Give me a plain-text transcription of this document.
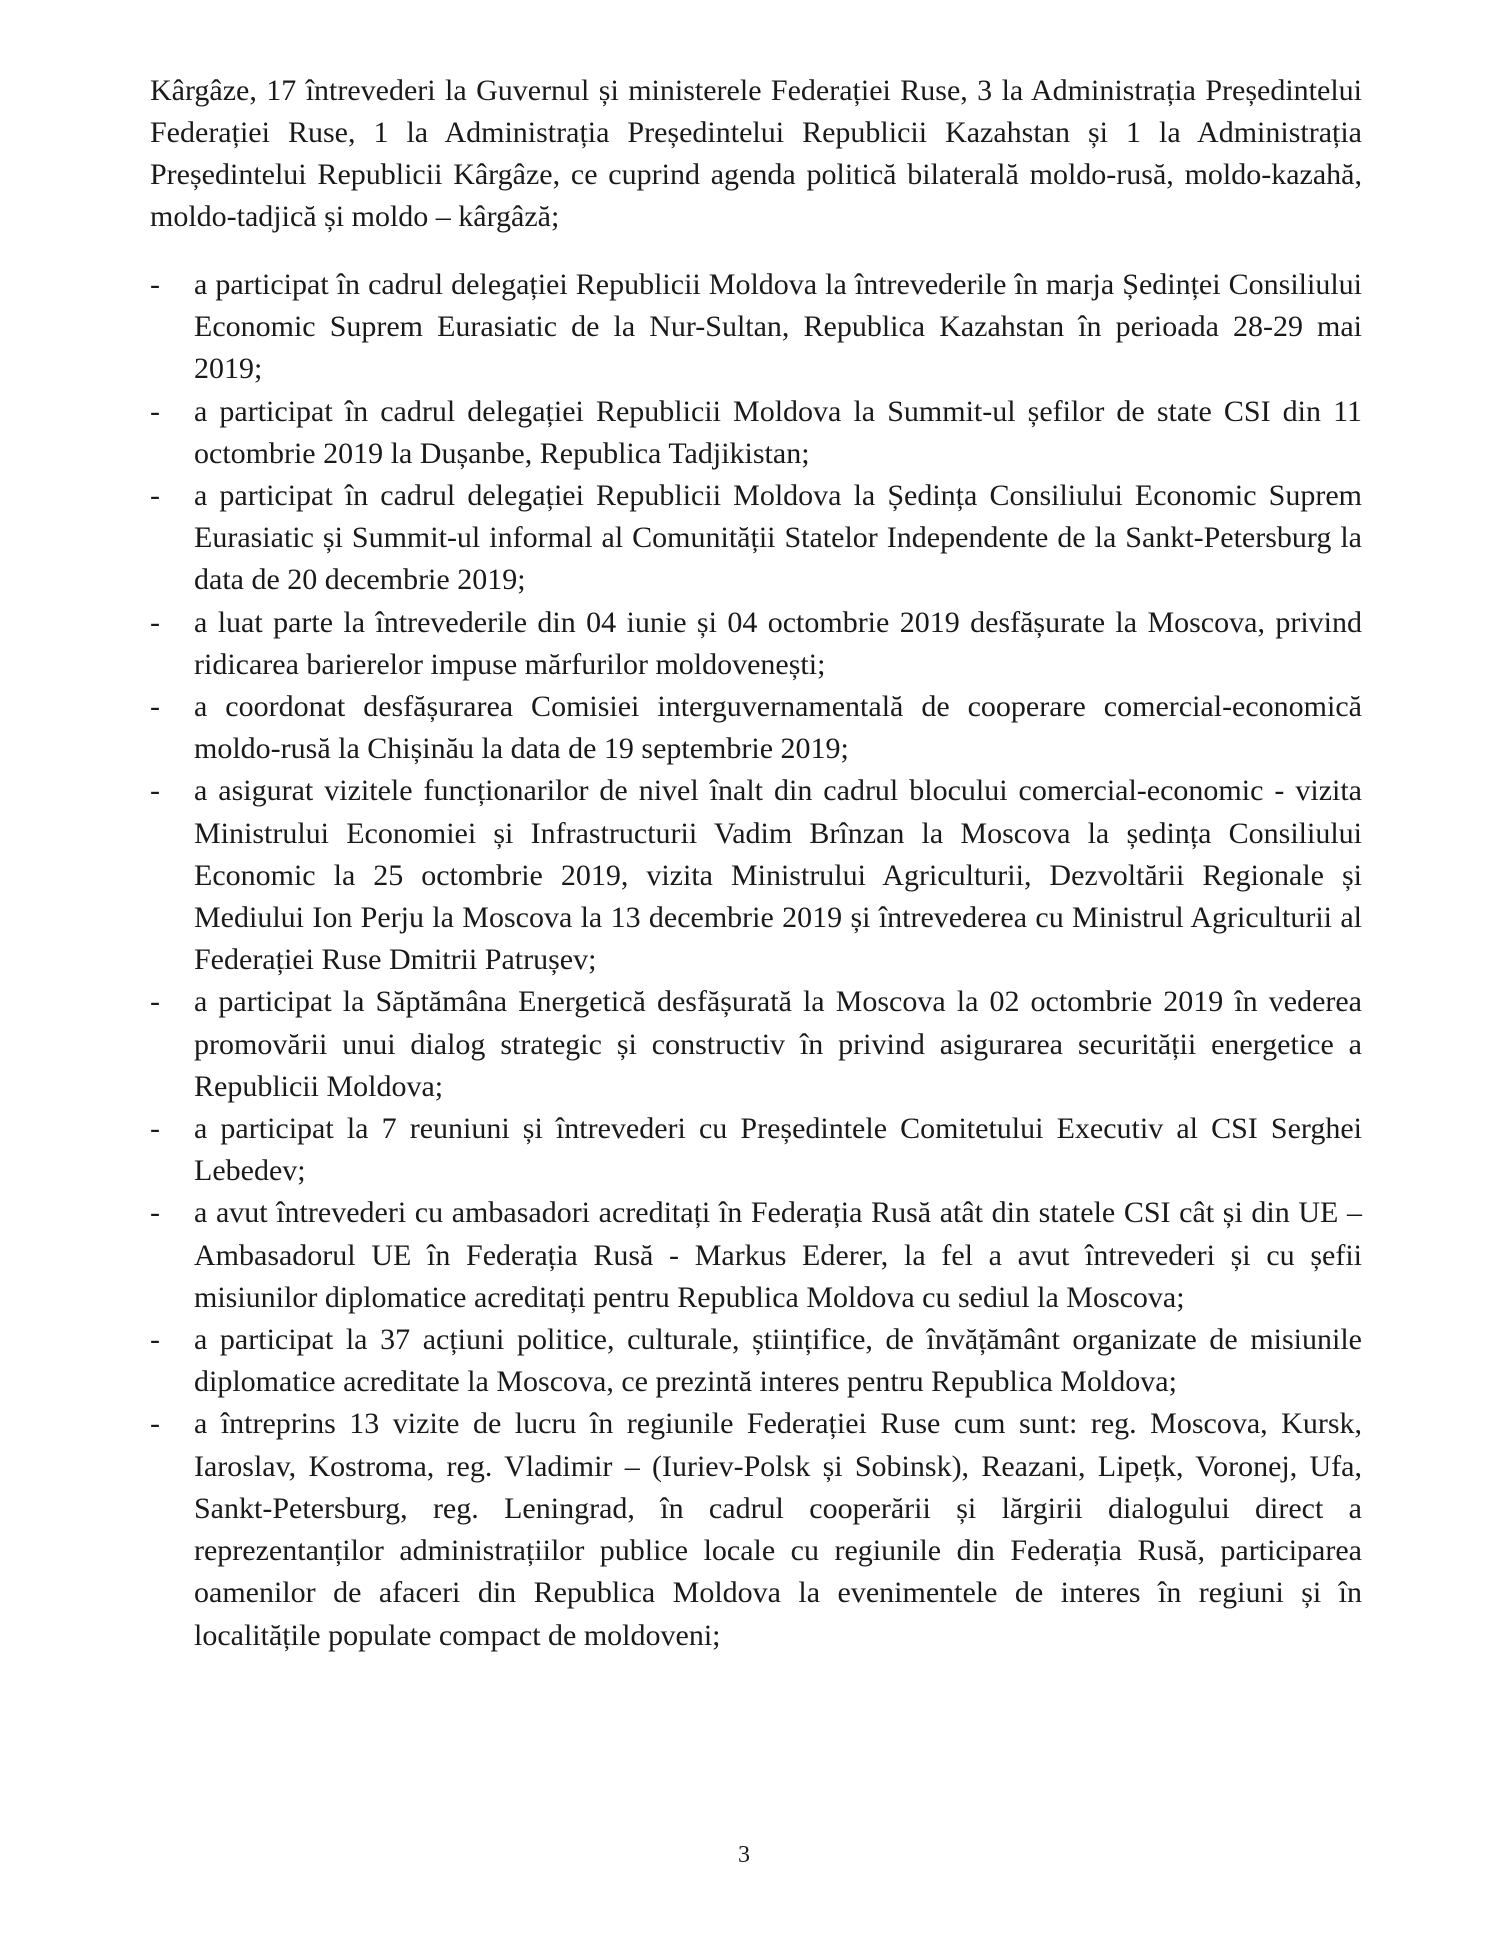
Kârgâze, 17 întrevederi la Guvernul și ministerele Federației Ruse, 3 la Administrația Președintelui Federației Ruse, 1 la Administrația Președintelui Republicii Kazahstan și 1 la Administrația Președintelui Republicii Kârgâze, ce cuprind agenda politică bilaterală moldo-rusă, moldo-kazahă, moldo-tadjică și moldo – kârgâză;

- a participat în cadrul delegației Republicii Moldova la întrevederile în marja Ședinței Consiliului Economic Suprem Eurasiatic de la Nur-Sultan, Republica Kazahstan în perioada 28-29 mai 2019;

- a participat în cadrul delegației Republicii Moldova la Summit-ul șefilor de state CSI din 11 octombrie 2019 la Dușanbe, Republica Tadjikistan;

- a participat în cadrul delegației Republicii Moldova la Ședința Consiliului Economic Suprem Eurasiatic și Summit-ul informal al Comunității Statelor Independente de la Sankt-Petersburg la data de 20 decembrie 2019;

- a luat parte la întrevederile din 04 iunie și 04 octombrie 2019 desfășurate la Moscova, privind ridicarea barierelor impuse mărfurilor moldovenești;

- a coordonat desfășurarea Comisiei interguvernamentală de cooperare comercial-economică moldo-rusă la Chișinău la data de 19 septembrie 2019;

- a asigurat vizitele funcționarilor de nivel înalt din cadrul blocului comercial-economic - vizita Ministrului Economiei și Infrastructurii Vadim Brînzan la Moscova la ședința Consiliului Economic la 25 octombrie 2019, vizita Ministrului Agriculturii, Dezvoltării Regionale și Mediului Ion Perju la Moscova la 13 decembrie 2019 și întrevederea cu Ministrul Agriculturii al Federației Ruse Dmitrii Patrușev;

- a participat la Săptămâna Energetică desfășurată la Moscova la 02 octombrie 2019 în vederea promovării unui dialog strategic și constructiv în privind asigurarea securității energetice a Republicii Moldova;

- a participat la 7 reuniuni și întrevederi cu Președintele Comitetului Executiv al CSI Serghei Lebedev;

- a avut întrevederi cu ambasadori acreditați în Federația Rusă atât din statele CSI cât și din UE – Ambasadorul UE în Federația Rusă - Markus Ederer, la fel a avut întrevederi și cu șefii misiunilor diplomatice acreditați pentru Republica Moldova cu sediul la Moscova;

- a participat la 37 acțiuni politice, culturale, științifice, de învățământ organizate de misiunile diplomatice acreditate la Moscova, ce prezintă interes pentru Republica Moldova;

- a întreprins 13 vizite de lucru în regiunile Federației Ruse cum sunt: reg. Moscova, Kursk, Iaroslav, Kostroma, reg. Vladimir – (Iuriev-Polsk și Sobinsk), Reazani, Lipețk, Voronej, Ufa, Sankt-Petersburg, reg. Leningrad, în cadrul cooperării și lărgirii dialogului direct a reprezentanților administrațiilor publice locale cu regiunile din Federația Rusă, participarea oamenilor de afaceri din Republica Moldova la evenimentele de interes în regiuni și în localitățile populate compact de moldoveni;

3
